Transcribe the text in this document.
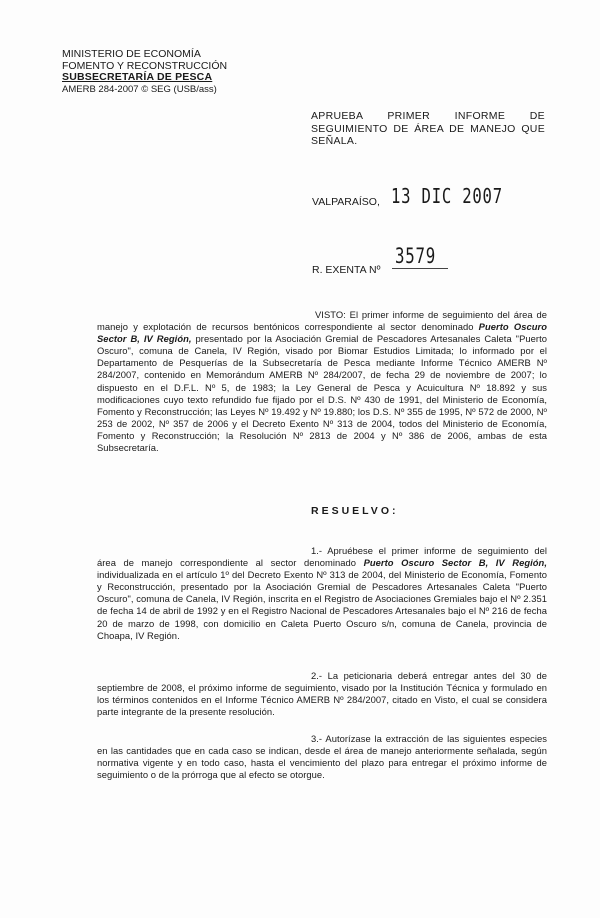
MINISTERIO DE ECONOMÍA
FOMENTO Y RECONSTRUCCIÓN
SUBSECRETARÍA DE PESCA
AMERB 284-2007 © SEG (USB/ass)
APRUEBA PRIMER INFORME DE SEGUIMIENTO DE ÁREA DE MANEJO QUE SEÑALA.
VALPARAÍSO, 13 DIC 2007
R. EXENTA Nº
3579
VISTO: El primer informe de seguimiento del área de manejo y explotación de recursos bentónicos correspondiente al sector denominado Puerto Oscuro Sector B, IV Región, presentado por la Asociación Gremial de Pescadores Artesanales Caleta "Puerto Oscuro", comuna de Canela, IV Región, visado por Biomar Estudios Limitada; lo informado por el Departamento de Pesquerías de la Subsecretaría de Pesca mediante Informe Técnico AMERB Nº 284/2007, contenido en Memorándum AMERB Nº 284/2007, de fecha 29 de noviembre de 2007; lo dispuesto en el D.F.L. Nº 5, de 1983; la Ley General de Pesca y Acuicultura Nº 18.892 y sus modificaciones cuyo texto refundido fue fijado por el D.S. Nº 430 de 1991, del Ministerio de Economía, Fomento y Reconstrucción; las Leyes Nº 19.492 y Nº 19.880; los D.S. Nº 355 de 1995, Nº 572 de 2000, Nº 253 de 2002, Nº 357 de 2006 y el Decreto Exento Nº 313 de 2004, todos del Ministerio de Economía, Fomento y Reconstrucción; la Resolución Nº 2813 de 2004 y Nº 386 de 2006, ambas de esta Subsecretaría.
RESUELVO:
1.- Apruébese el primer informe de seguimiento del área de manejo correspondiente al sector denominado Puerto Oscuro Sector B, IV Región, individualizada en el artículo 1º del Decreto Exento Nº 313 de 2004, del Ministerio de Economía, Fomento y Reconstrucción, presentado por la Asociación Gremial de Pescadores Artesanales Caleta "Puerto Oscuro", comuna de Canela, IV Región, inscrita en el Registro de Asociaciones Gremiales bajo el Nº 2.351 de fecha 14 de abril de 1992 y en el Registro Nacional de Pescadores Artesanales bajo el Nº 216 de fecha 20 de marzo de 1998, con domicilio en Caleta Puerto Oscuro s/n, comuna de Canela, provincia de Choapa, IV Región.
2.- La peticionaria deberá entregar antes del 30 de septiembre de 2008, el próximo informe de seguimiento, visado por la Institución Técnica y formulado en los términos contenidos en el Informe Técnico AMERB Nº 284/2007, citado en Visto, el cual se considera parte integrante de la presente resolución.
3.- Autorízase la extracción de las siguientes especies en las cantidades que en cada caso se indican, desde el área de manejo anteriormente señalada, según normativa vigente y en todo caso, hasta el vencimiento del plazo para entregar el próximo informe de seguimiento o de la prórroga que al efecto se otorgue.
